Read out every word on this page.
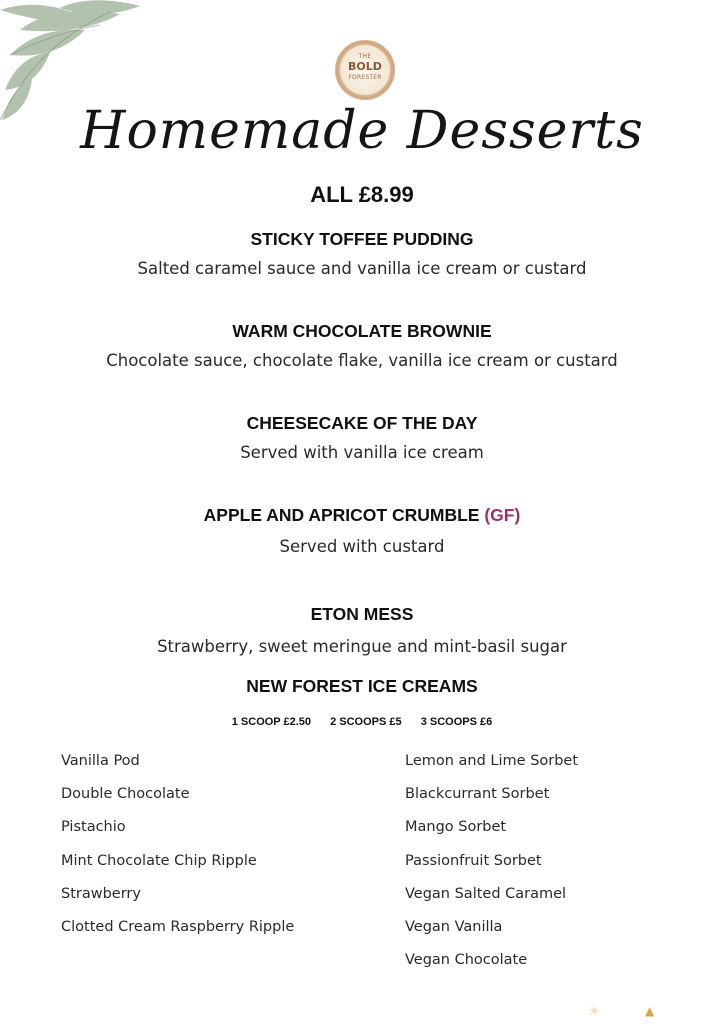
THE
BOLD
FORESTER
Homemade Desserts
ALL £8.99
STICKY TOFFEE PUDDING
Salted caramel sauce and vanilla ice cream or custard
WARM CHOCOLATE BROWNIE
Chocolate sauce, chocolate flake, vanilla ice cream or custard
CHEESECAKE OF THE DAY
Served with vanilla ice cream
APPLE AND APRICOT CRUMBLE (GF)
Served with custard
ETON MESS
Strawberry, sweet meringue and mint-basil sugar
NEW FOREST ICE CREAMS
1 SCOOP £2.50 2 SCOOPS £5 3 SCOOPS £6
Vanilla Pod
Double Chocolate
Pistachio
Mint Chocolate Chip Ripple
Strawberry
Clotted Cream Raspberry Ripple
Lemon and Lime Sorbet
Blackcurrant Sorbet
Mango Sorbet
Passionfruit Sorbet
Vegan Salted Caramel
Vegan Vanilla
Vegan Chocolate
✳	▲
